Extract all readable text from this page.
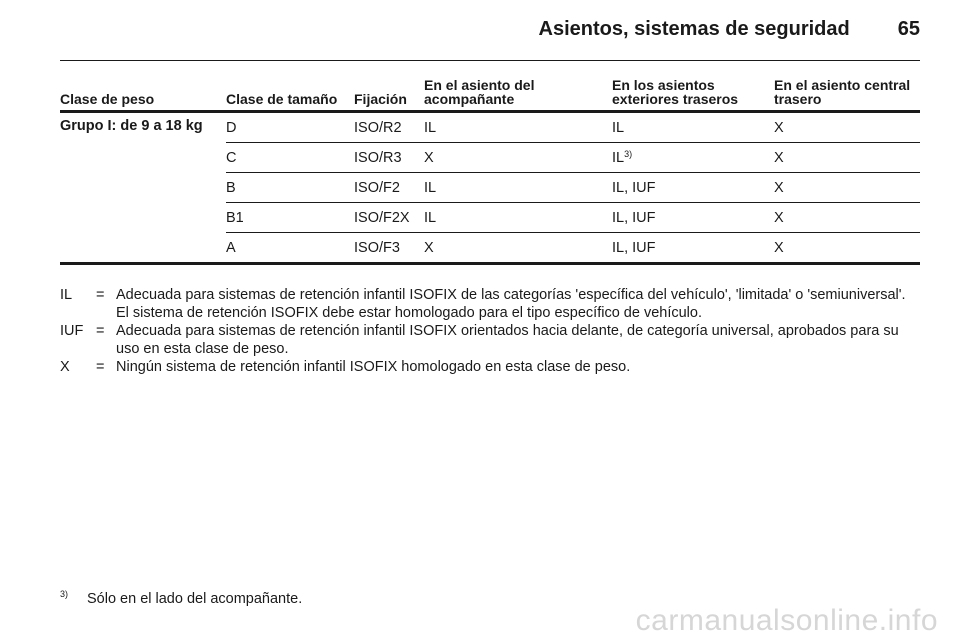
Asientos, sistemas de seguridad 65
Clase de peso	Clase de tamaño	Fijación	En el asiento del acompañante	En los asientos exteriores traseros	En el asiento central trasero
Grupo I: de 9 a 18 kg	D	ISO/R2	IL	IL	X
	C	ISO/R3	X	IL$^{3)}$	X
	B	ISO/F2	IL	IL, IUF	X
	B1	ISO/F2X	IL	IL, IUF	X
	A	ISO/F3	X	IL, IUF	X
IL	= Adecuada para sistemas de retención infantil ISOFIX de las categorías 'específica del vehículo', 'limitada' o 'semiuniversal'. El sistema de retención ISOFIX debe estar homologado para el tipo específico de vehículo.
IUF = Adecuada para sistemas de retención infantil ISOFIX orientados hacia delante, de categoría universal, aprobados para su uso en esta clase de peso.
X	= Ningún sistema de retención infantil ISOFIX homologado en esta clase de peso.
3)	Sólo en el lado del acompañante.
carmanualsonline.info
